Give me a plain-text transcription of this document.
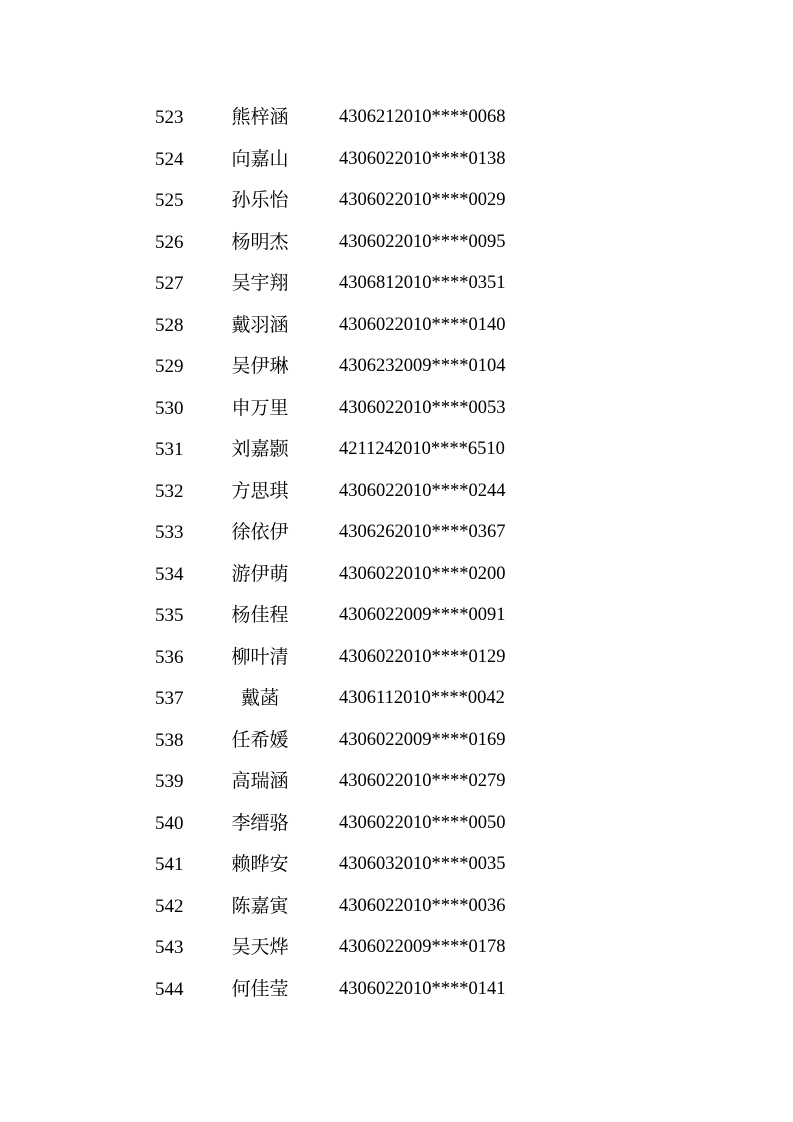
523	熊梓涵	4306212010****0068
524	向嘉山	4306022010****0138
525	孙乐怡	4306022010****0029
526	杨明杰	4306022010****0095
527	吴宇翔	4306812010****0351
528	戴羽涵	4306022010****0140
529	吴伊琳	4306232009****0104
530	申万里	4306022010****0053
531	刘嘉颢	4211242010****6510
532	方思琪	4306022010****0244
533	徐依伊	4306262010****0367
534	游伊萌	4306022010****0200
535	杨佳程	4306022009****0091
536	柳叶清	4306022010****0129
537	戴菡	4306112010****0042
538	任希媛	4306022009****0169
539	高瑞涵	4306022010****0279
540	李缙骆	4306022010****0050
541	赖晔安	4306032010****0035
542	陈嘉寅	4306022010****0036
543	吴天烨	4306022009****0178
544	何佳莹	4306022010****0141
